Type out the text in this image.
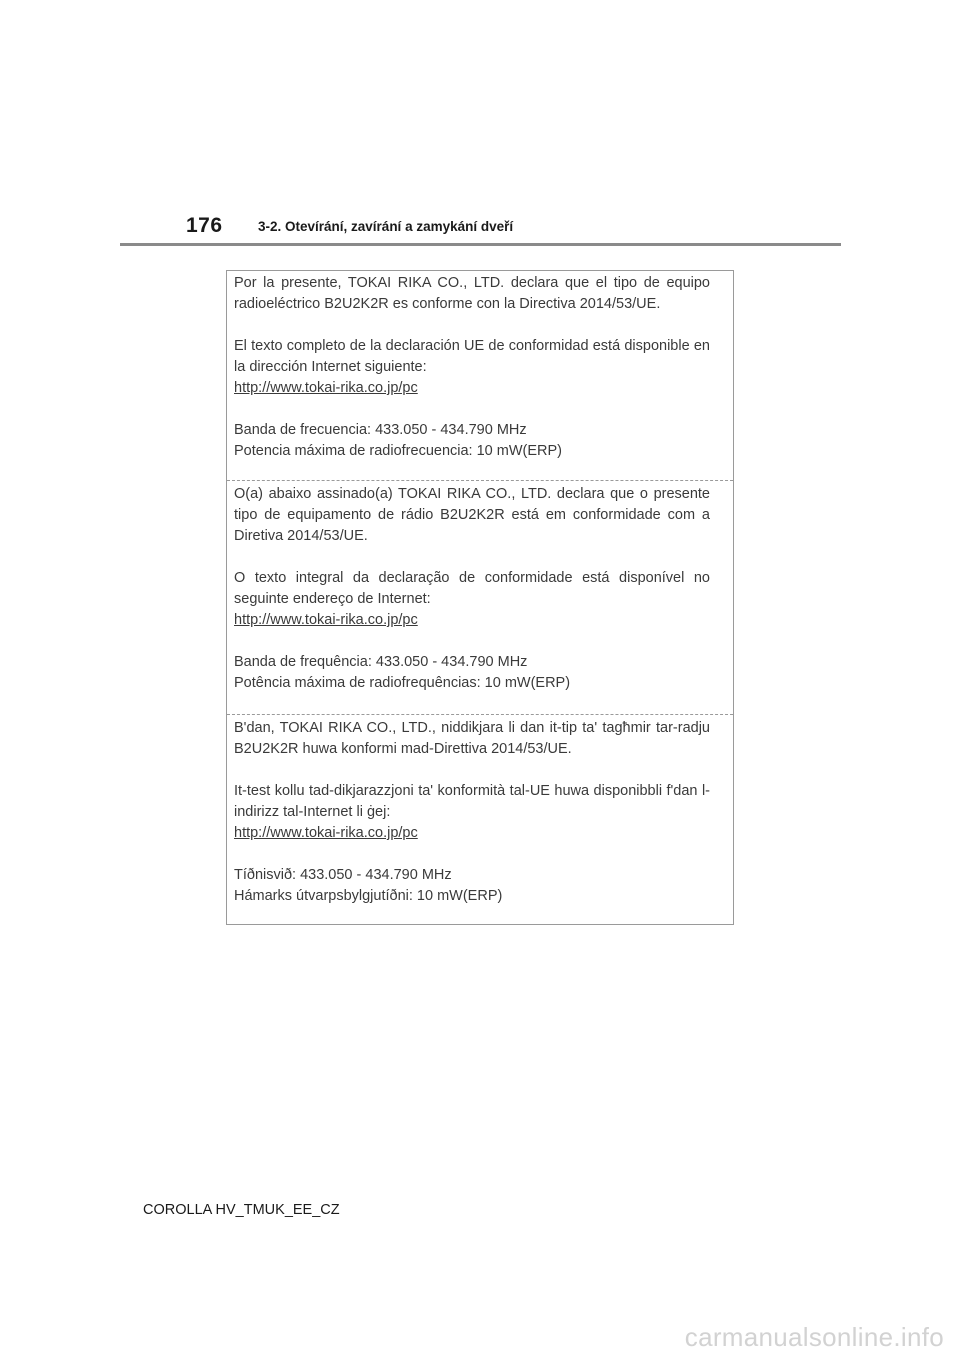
176	3-2. Otevírání, zavírání a zamykání dveří

Por la presente, TOKAI RIKA CO., LTD. declara que el tipo de equipo radioeléctrico B2U2K2R es conforme con la Directiva 2014/53/UE.

El texto completo de la declaración UE de conformidad está disponible en la dirección Internet siguiente:

http://www.tokai-rika.co.jp/pc

Banda de frecuencia: 433.050 - 434.790 MHz

Potencia máxima de radiofrecuencia: 10 mW(ERP)

O(a) abaixo assinado(a) TOKAI RIKA CO., LTD. declara que o presente tipo de equipamento de rádio B2U2K2R está em conformidade com a Diretiva 2014/53/UE.

O texto integral da declaração de conformidade está disponível no seguinte endereço de Internet:

http://www.tokai-rika.co.jp/pc

Banda de frequência: 433.050 - 434.790 MHz

Potência máxima de radiofrequências: 10 mW(ERP)

B'dan, TOKAI RIKA CO., LTD., niddikjara li dan it-tip ta' tagħmir tar-radju B2U2K2R huwa konformi mad-Direttiva 2014/53/UE.

It-test kollu tad-dikjarazzjoni ta' konformità tal-UE huwa disponibbli f'dan l-indirizz tal-Internet li ġej:

http://www.tokai-rika.co.jp/pc

Tíðnisvið: 433.050 - 434.790 MHz

Hámarks útvarpsbylgjutíðni: 10 mW(ERP)

COROLLA HV_TMUK_EE_CZ
carmanualsonline.info
